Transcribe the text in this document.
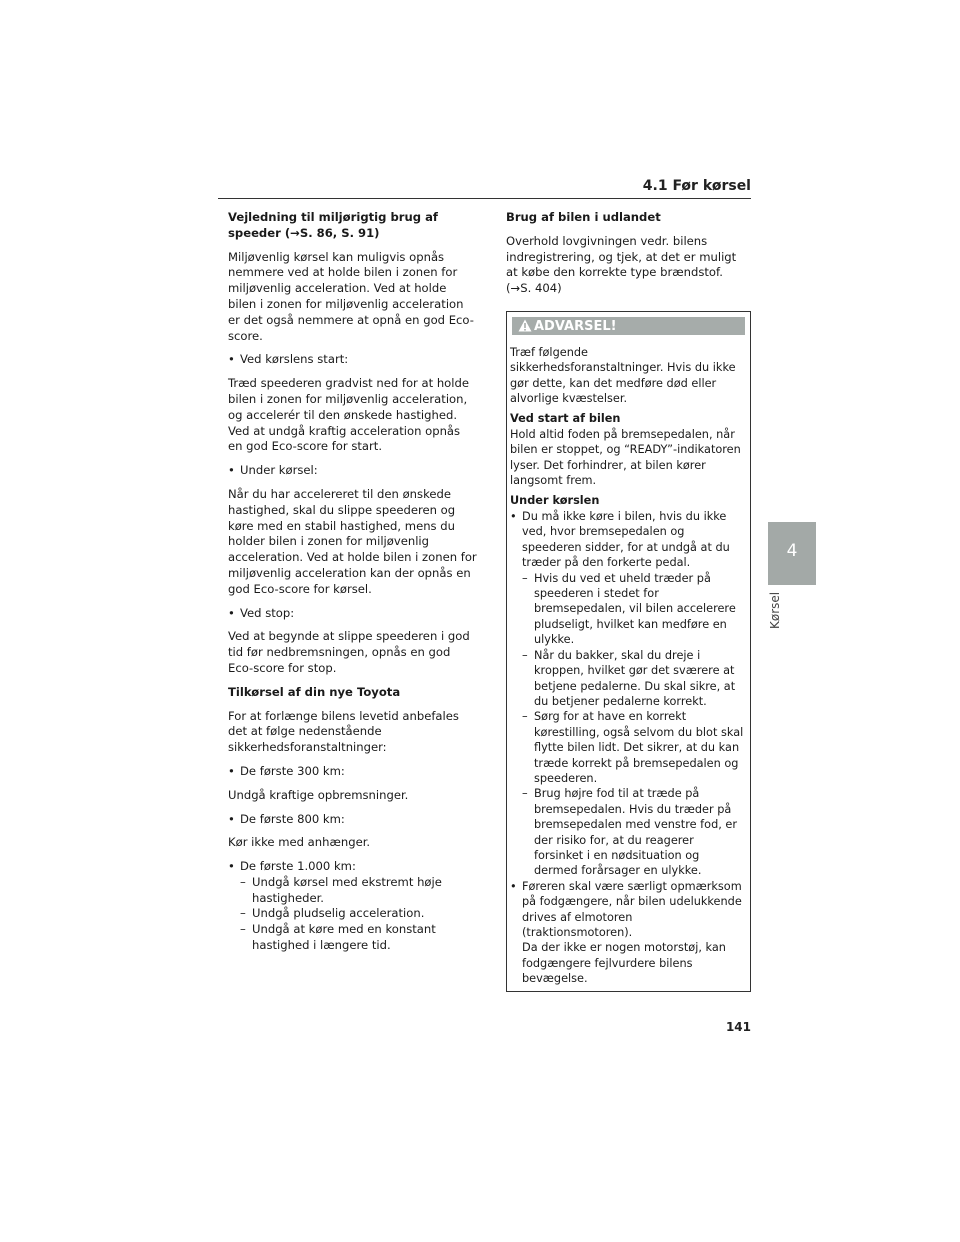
4.1 Før kørsel
4
Kørsel
Vejledning til miljørigtig brug af speeder (→S. 86, S. 91)

Miljøvenlig kørsel kan muligvis opnås nemmere ved at holde bilen i zonen for miljøvenlig acceleration. Ved at holde bilen i zonen for miljøvenlig acceleration er det også nemmere at opnå en god Eco-score.

• Ved kørslens start:

Træd speederen gradvist ned for at holde bilen i zonen for miljøvenlig acceleration, og accelerér til den ønskede hastighed. Ved at undgå kraftig acceleration opnås en god Eco-score for start.

• Under kørsel:

Når du har accelereret til den ønskede hastighed, skal du slippe speederen og køre med en stabil hastighed, mens du holder bilen i zonen for miljøvenlig acceleration. Ved at holde bilen i zonen for miljøvenlig acceleration kan der opnås en god Eco-score for kørsel.

• Ved stop:

Ved at begynde at slippe speederen i god tid før nedbremsningen, opnås en god Eco-score for stop.

Tilkørsel af din nye Toyota

For at forlænge bilens levetid anbefales det at følge nedenstående sikkerhedsforanstaltninger:

• De første 300 km:

Undgå kraftige opbremsninger.

• De første 800 km:

Kør ikke med anhænger.

• De første 1.000 km:
– Undgå kørsel med ekstremt høje hastigheder.
– Undgå pludselig acceleration.
– Undgå at køre med en konstant hastighed i længere tid.
Brug af bilen i udlandet

Overhold lovgivningen vedr. bilens indregistrering, og tjek, at det er muligt at købe den korrekte type brændstof. (→S. 404)

ADVARSEL!

Træf følgende sikkerhedsforanstaltninger. Hvis du ikke gør dette, kan det medføre død eller alvorlige kvæstelser.

Ved start af bilen

Hold altid foden på bremsepedalen, når bilen er stoppet, og “READY”-indikatoren lyser. Det forhindrer, at bilen kører langsomt frem.

Under kørslen
• Du må ikke køre i bilen, hvis du ikke ved, hvor bremsepedalen og speederen sidder, for at undgå at du træder på den forkerte pedal.
– Hvis du ved et uheld træder på speederen i stedet for bremsepedalen, vil bilen accelerere pludseligt, hvilket kan medføre en ulykke.
– Når du bakker, skal du dreje i kroppen, hvilket gør det sværere at betjene pedalerne. Du skal sikre, at du betjener pedalerne korrekt.
– Sørg for at have en korrekt kørestilling, også selvom du blot skal flytte bilen lidt. Det sikrer, at du kan træde korrekt på bremsepedalen og speederen.
– Brug højre fod til at træde på bremsepedalen. Hvis du træder på bremsepedalen med venstre fod, er der risiko for, at du reagerer forsinket i en nødsituation og dermed forårsager en ulykke.
• Føreren skal være særligt opmærksom på fodgængere, når bilen udelukkende drives af elmotoren (traktionsmotoren).
Da der ikke er nogen motorstøj, kan fodgængere fejlvurdere bilens bevægelse.
141
